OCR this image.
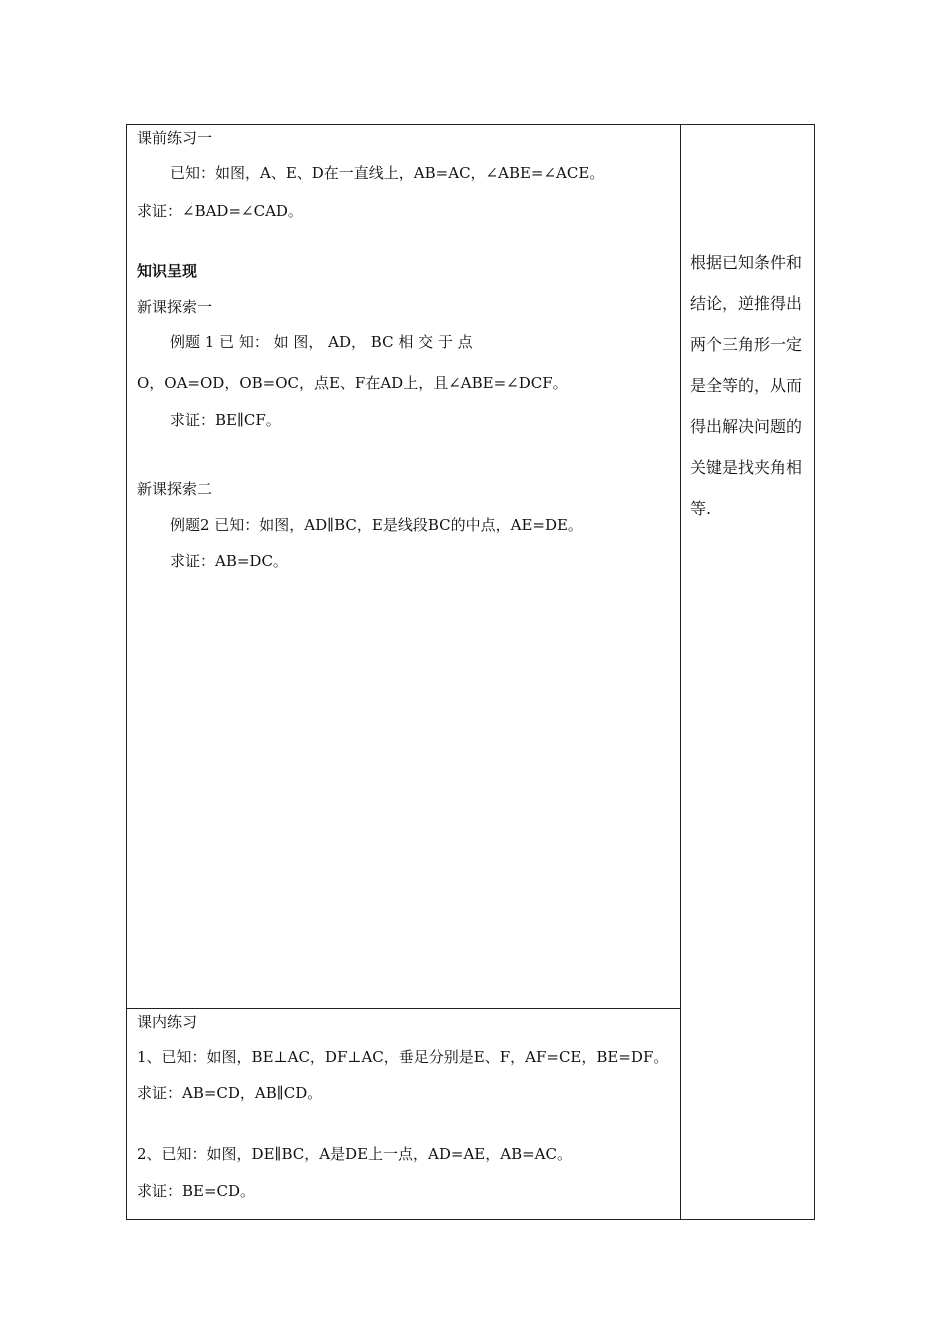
课前练习一
已知：如图，A、E、D在一直线上，AB=AC，∠ABE=∠ACE。
求证：∠BAD=∠CAD。
知识呈现
新课探索一
例题 1 已 知： 如 图， AD， BC 相 交 于 点
O，OA=OD，OB=OC，点E、F在AD上，且∠ABE=∠DCF。
求证：BE∥CF。
新课探索二
例题2 已知：如图，AD∥BC，E是线段BC的中点，AE=DE。
求证：AB=DC。
课内练习
1、已知：如图，BE⊥AC，DF⊥AC，垂足分别是E、F，AF=CE，BE=DF。
求证：AB=CD，AB∥CD。
2、已知：如图，DE∥BC，A是DE上一点，AD=AE，AB=AC。
求证：BE=CD。
根据已知条件和
结论，逆推得出
两个三角形一定
是全等的，从而
得出解决问题的
关键是找夹角相
等.
